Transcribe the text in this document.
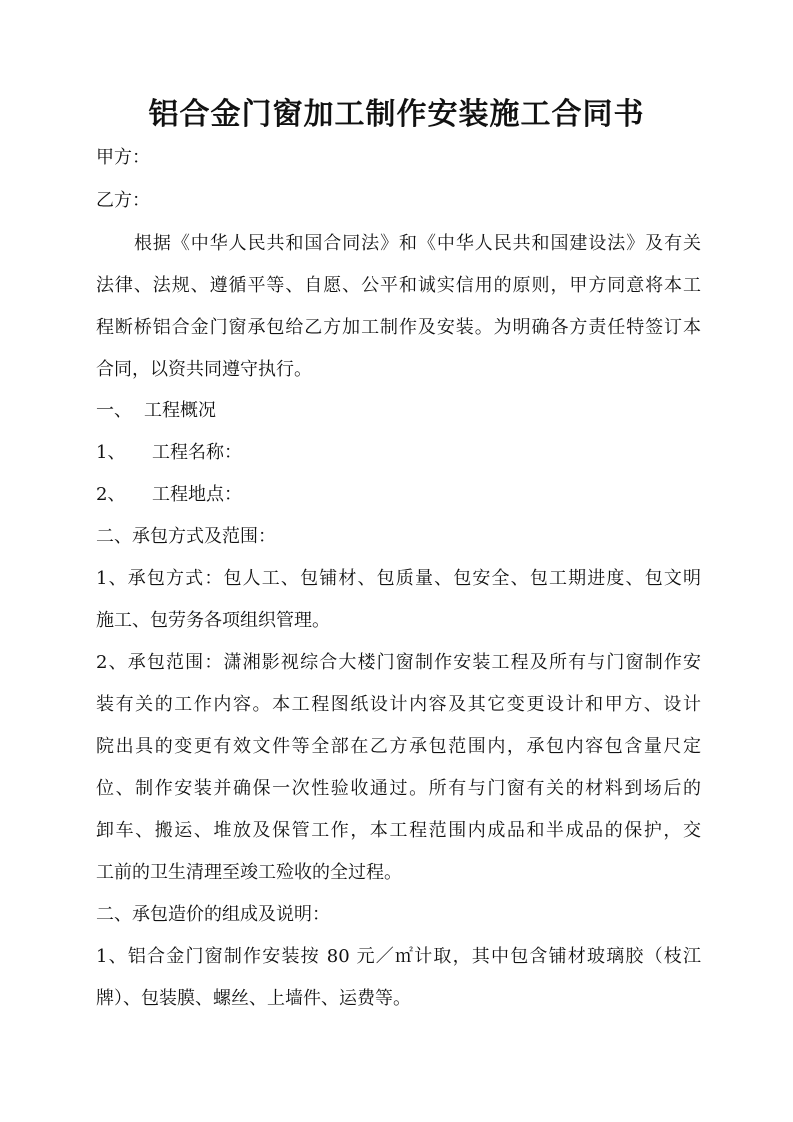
铝合金门窗加工制作安装施工合同书
甲方：
乙方：
根据《中华人民共和国合同法》和《中华人民共和国建设法》及有关
法律、法规、遵循平等、自愿、公平和诚实信用的原则，甲方同意将本工
程断桥铝合金门窗承包给乙方加工制作及安装。为明确各方责任特签订本
合同，以资共同遵守执行。
一、 工程概况
1、 工程名称：
2、 工程地点：
二、承包方式及范围：
1、承包方式：包人工、包铺材、包质量、包安全、包工期进度、包文明
施工、包劳务各项组织管理。
2、承包范围：潇湘影视综合大楼门窗制作安装工程及所有与门窗制作安
装有关的工作内容。本工程图纸设计内容及其它变更设计和甲方、设计
院出具的变更有效文件等全部在乙方承包范围内，承包内容包含量尺定
位、制作安装并确保一次性验收通过。所有与门窗有关的材料到场后的
卸车、搬运、堆放及保管工作，本工程范围内成品和半成品的保护，交
工前的卫生清理至竣工殓收的全过程。
二、承包造价的组成及说明：
1、铝合金门窗制作安装按 80 元／㎡计取，其中包含铺材玻璃胶（枝江
牌）、包装膜、螺丝、上墙件、运费等。
